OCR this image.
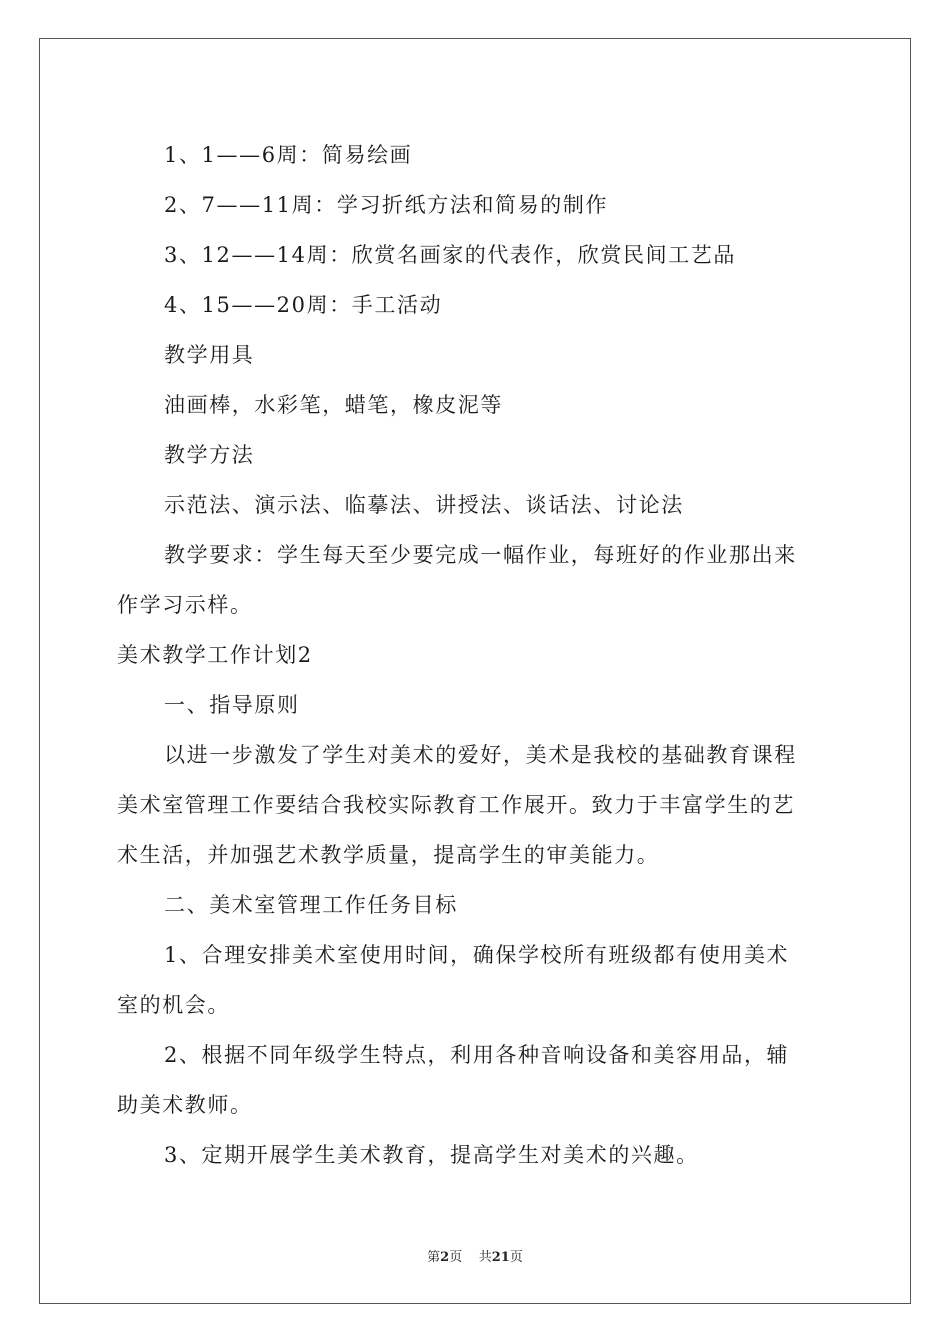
1、1——6周：简易绘画
2、7——11周：学习折纸方法和简易的制作
3、12——14周：欣赏名画家的代表作，欣赏民间工艺品
4、15——20周：手工活动
教学用具
油画棒，水彩笔，蜡笔，橡皮泥等
教学方法
示范法、演示法、临摹法、讲授法、谈话法、讨论法
教学要求：学生每天至少要完成一幅作业，每班好的作业那出来
作学习示样。
美术教学工作计划2
一、指导原则
以进一步激发了学生对美术的爱好，美术是我校的基础教育课程
美术室管理工作要结合我校实际教育工作展开。致力于丰富学生的艺
术生活，并加强艺术教学质量，提高学生的审美能力。
二、美术室管理工作任务目标
1、合理安排美术室使用时间，确保学校所有班级都有使用美术
室的机会。
2、根据不同年级学生特点，利用各种音响设备和美容用品，辅
助美术教师。
3、定期开展学生美术教育，提高学生对美术的兴趣。
第2页 共21页
